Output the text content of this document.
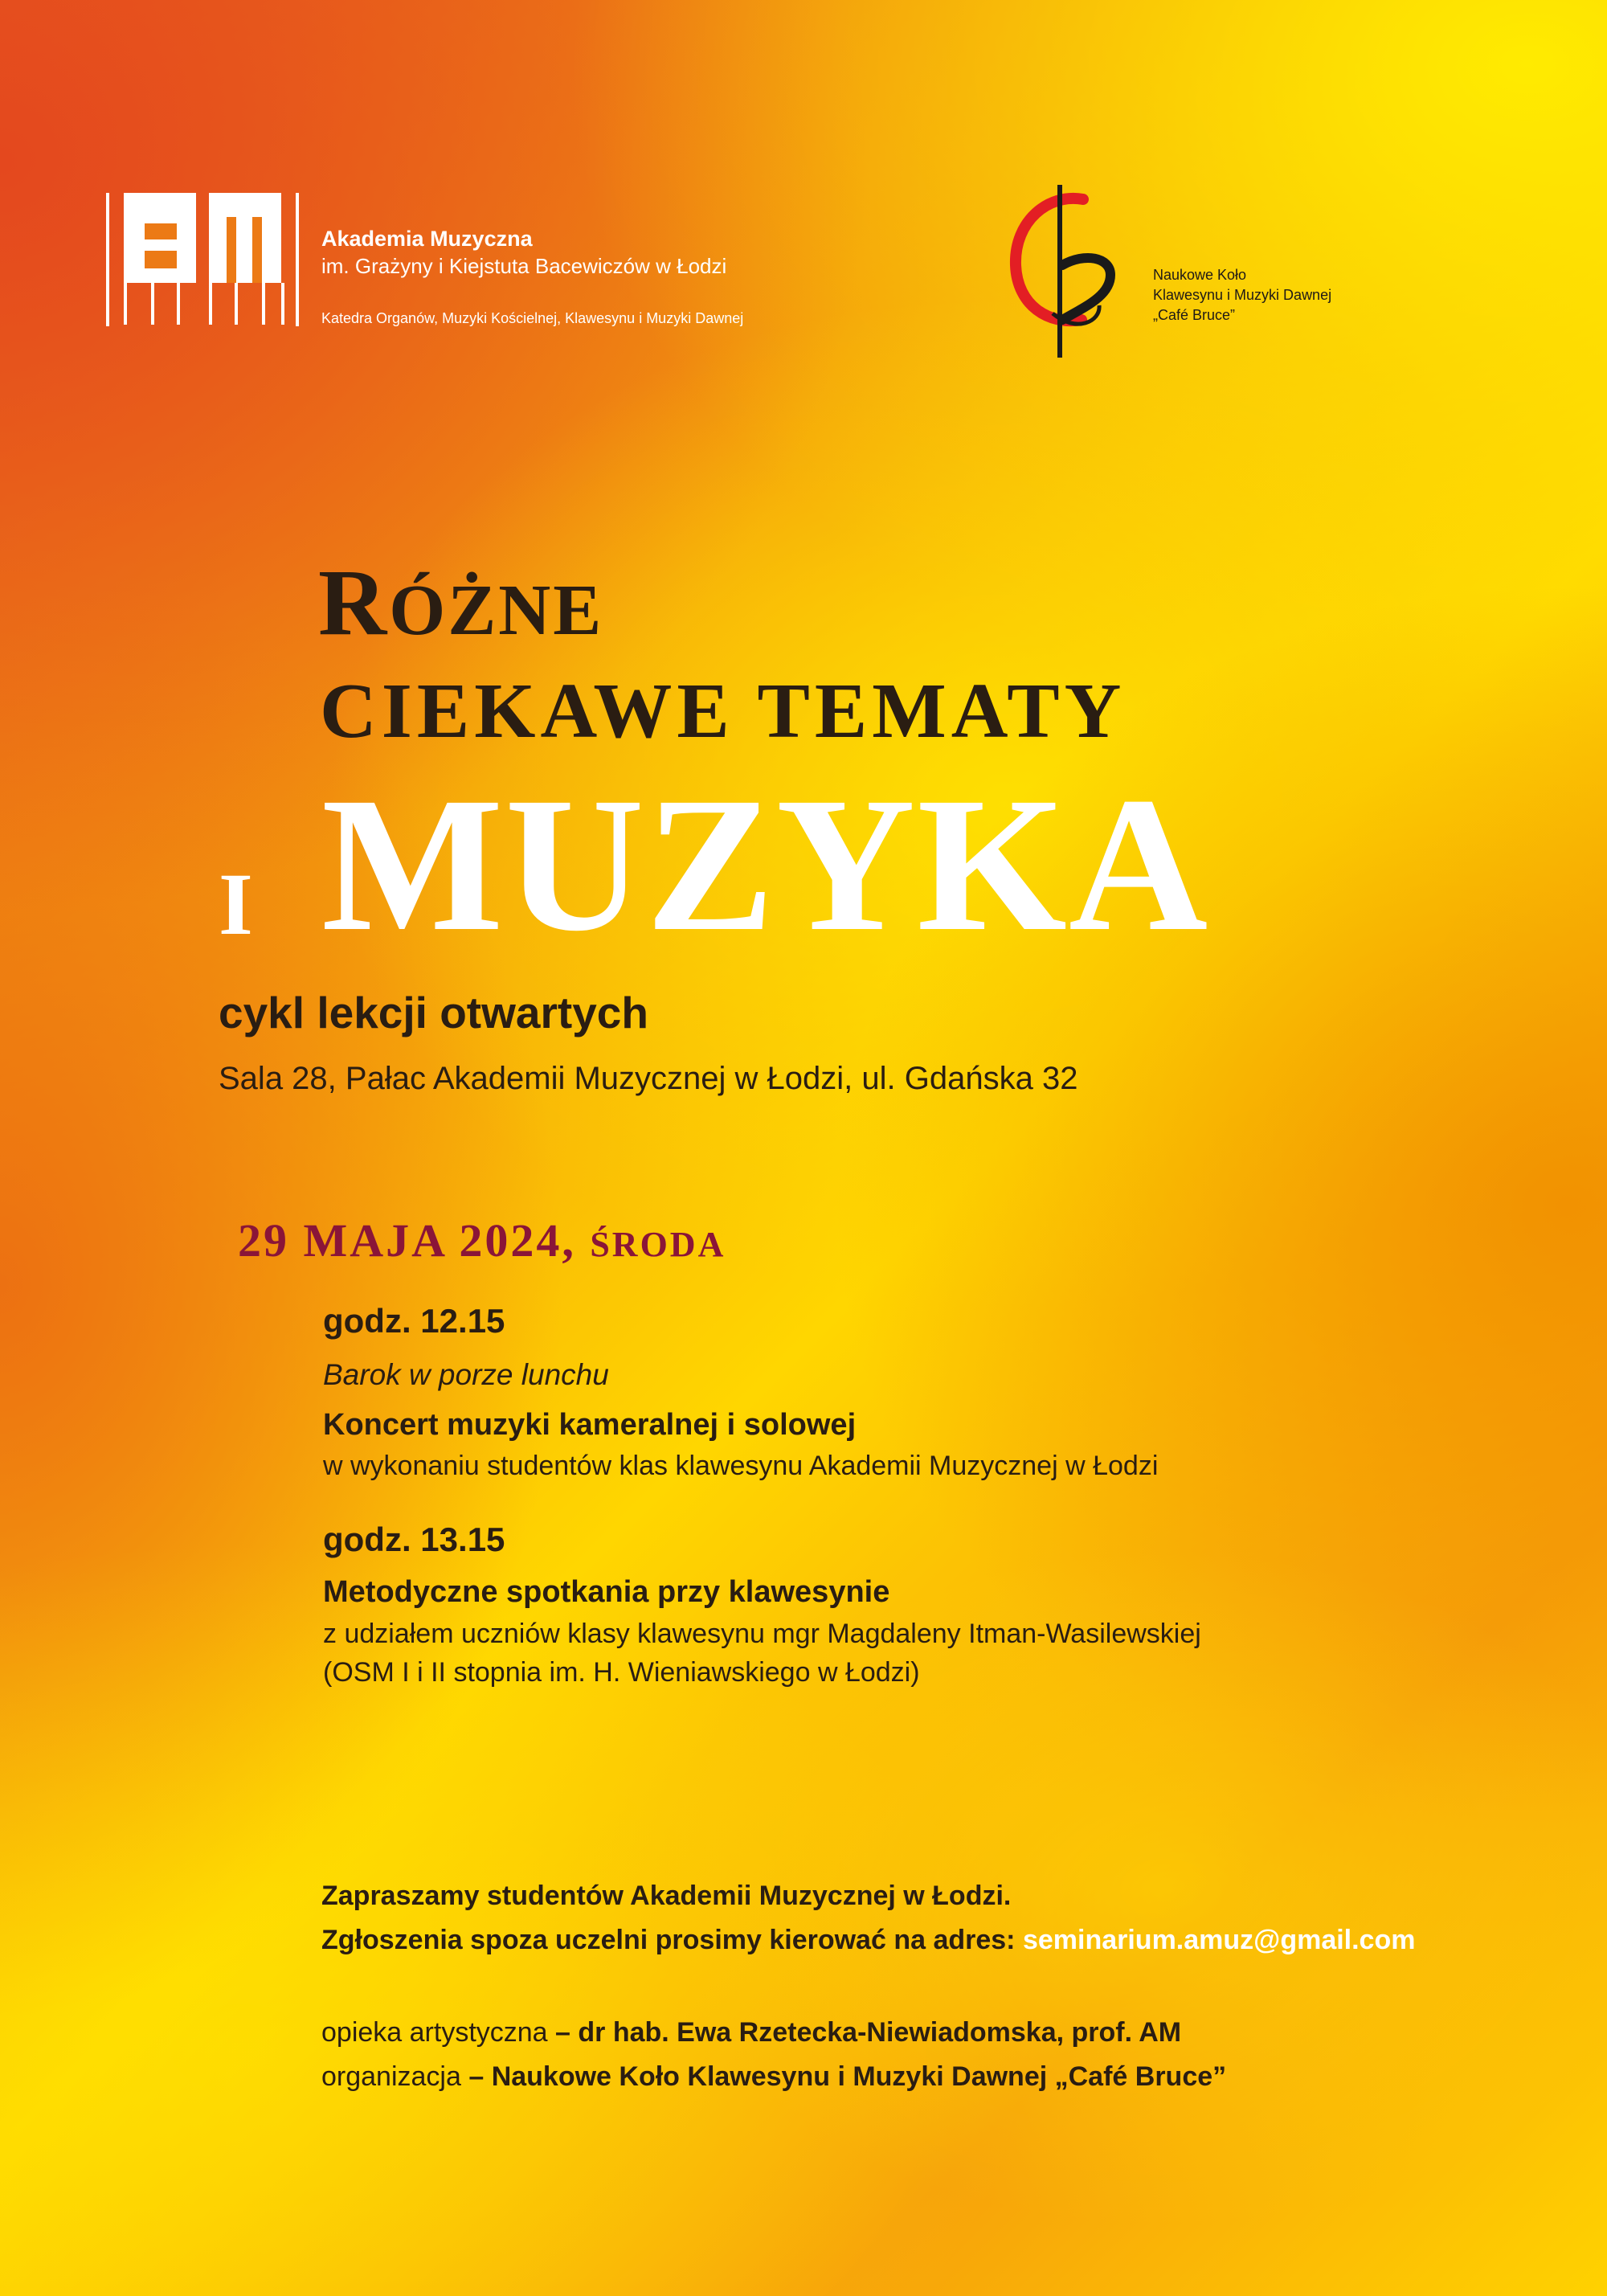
Akademia Muzyczna
im. Grażyny i Kiejstuta Bacewiczów w Łodzi
Katedra Organów, Muzyki Kościelnej, Klawesynu i Muzyki Dawnej
Naukowe Koło
Klawesynu i Muzyki Dawnej
„Café Bruce”
RÓŻNE
CIEKAWE TEMATY
I MUZYKA
cykl lekcji otwartych
Sala 28, Pałac Akademii Muzycznej w Łodzi, ul. Gdańska 32
29 MAJA 2024, ŚRODA
godz. 12.15
Barok w porze lunchu
Koncert muzyki kameralnej i solowej
w wykonaniu studentów klas klawesynu Akademii Muzycznej w Łodzi
godz. 13.15
Metodyczne spotkania przy klawesynie
z udziałem uczniów klasy klawesynu mgr Magdaleny Itman-Wasilewskiej
(OSM I i II stopnia im. H. Wieniawskiego w Łodzi)
Zapraszamy studentów Akademii Muzycznej w Łodzi.
Zgłoszenia spoza uczelni prosimy kierować na adres: seminarium.amuz@gmail.com
opieka artystyczna – dr hab. Ewa Rzetecka-Niewiadomska, prof. AM
organizacja – Naukowe Koło Klawesynu i Muzyki Dawnej „Café Bruce”
